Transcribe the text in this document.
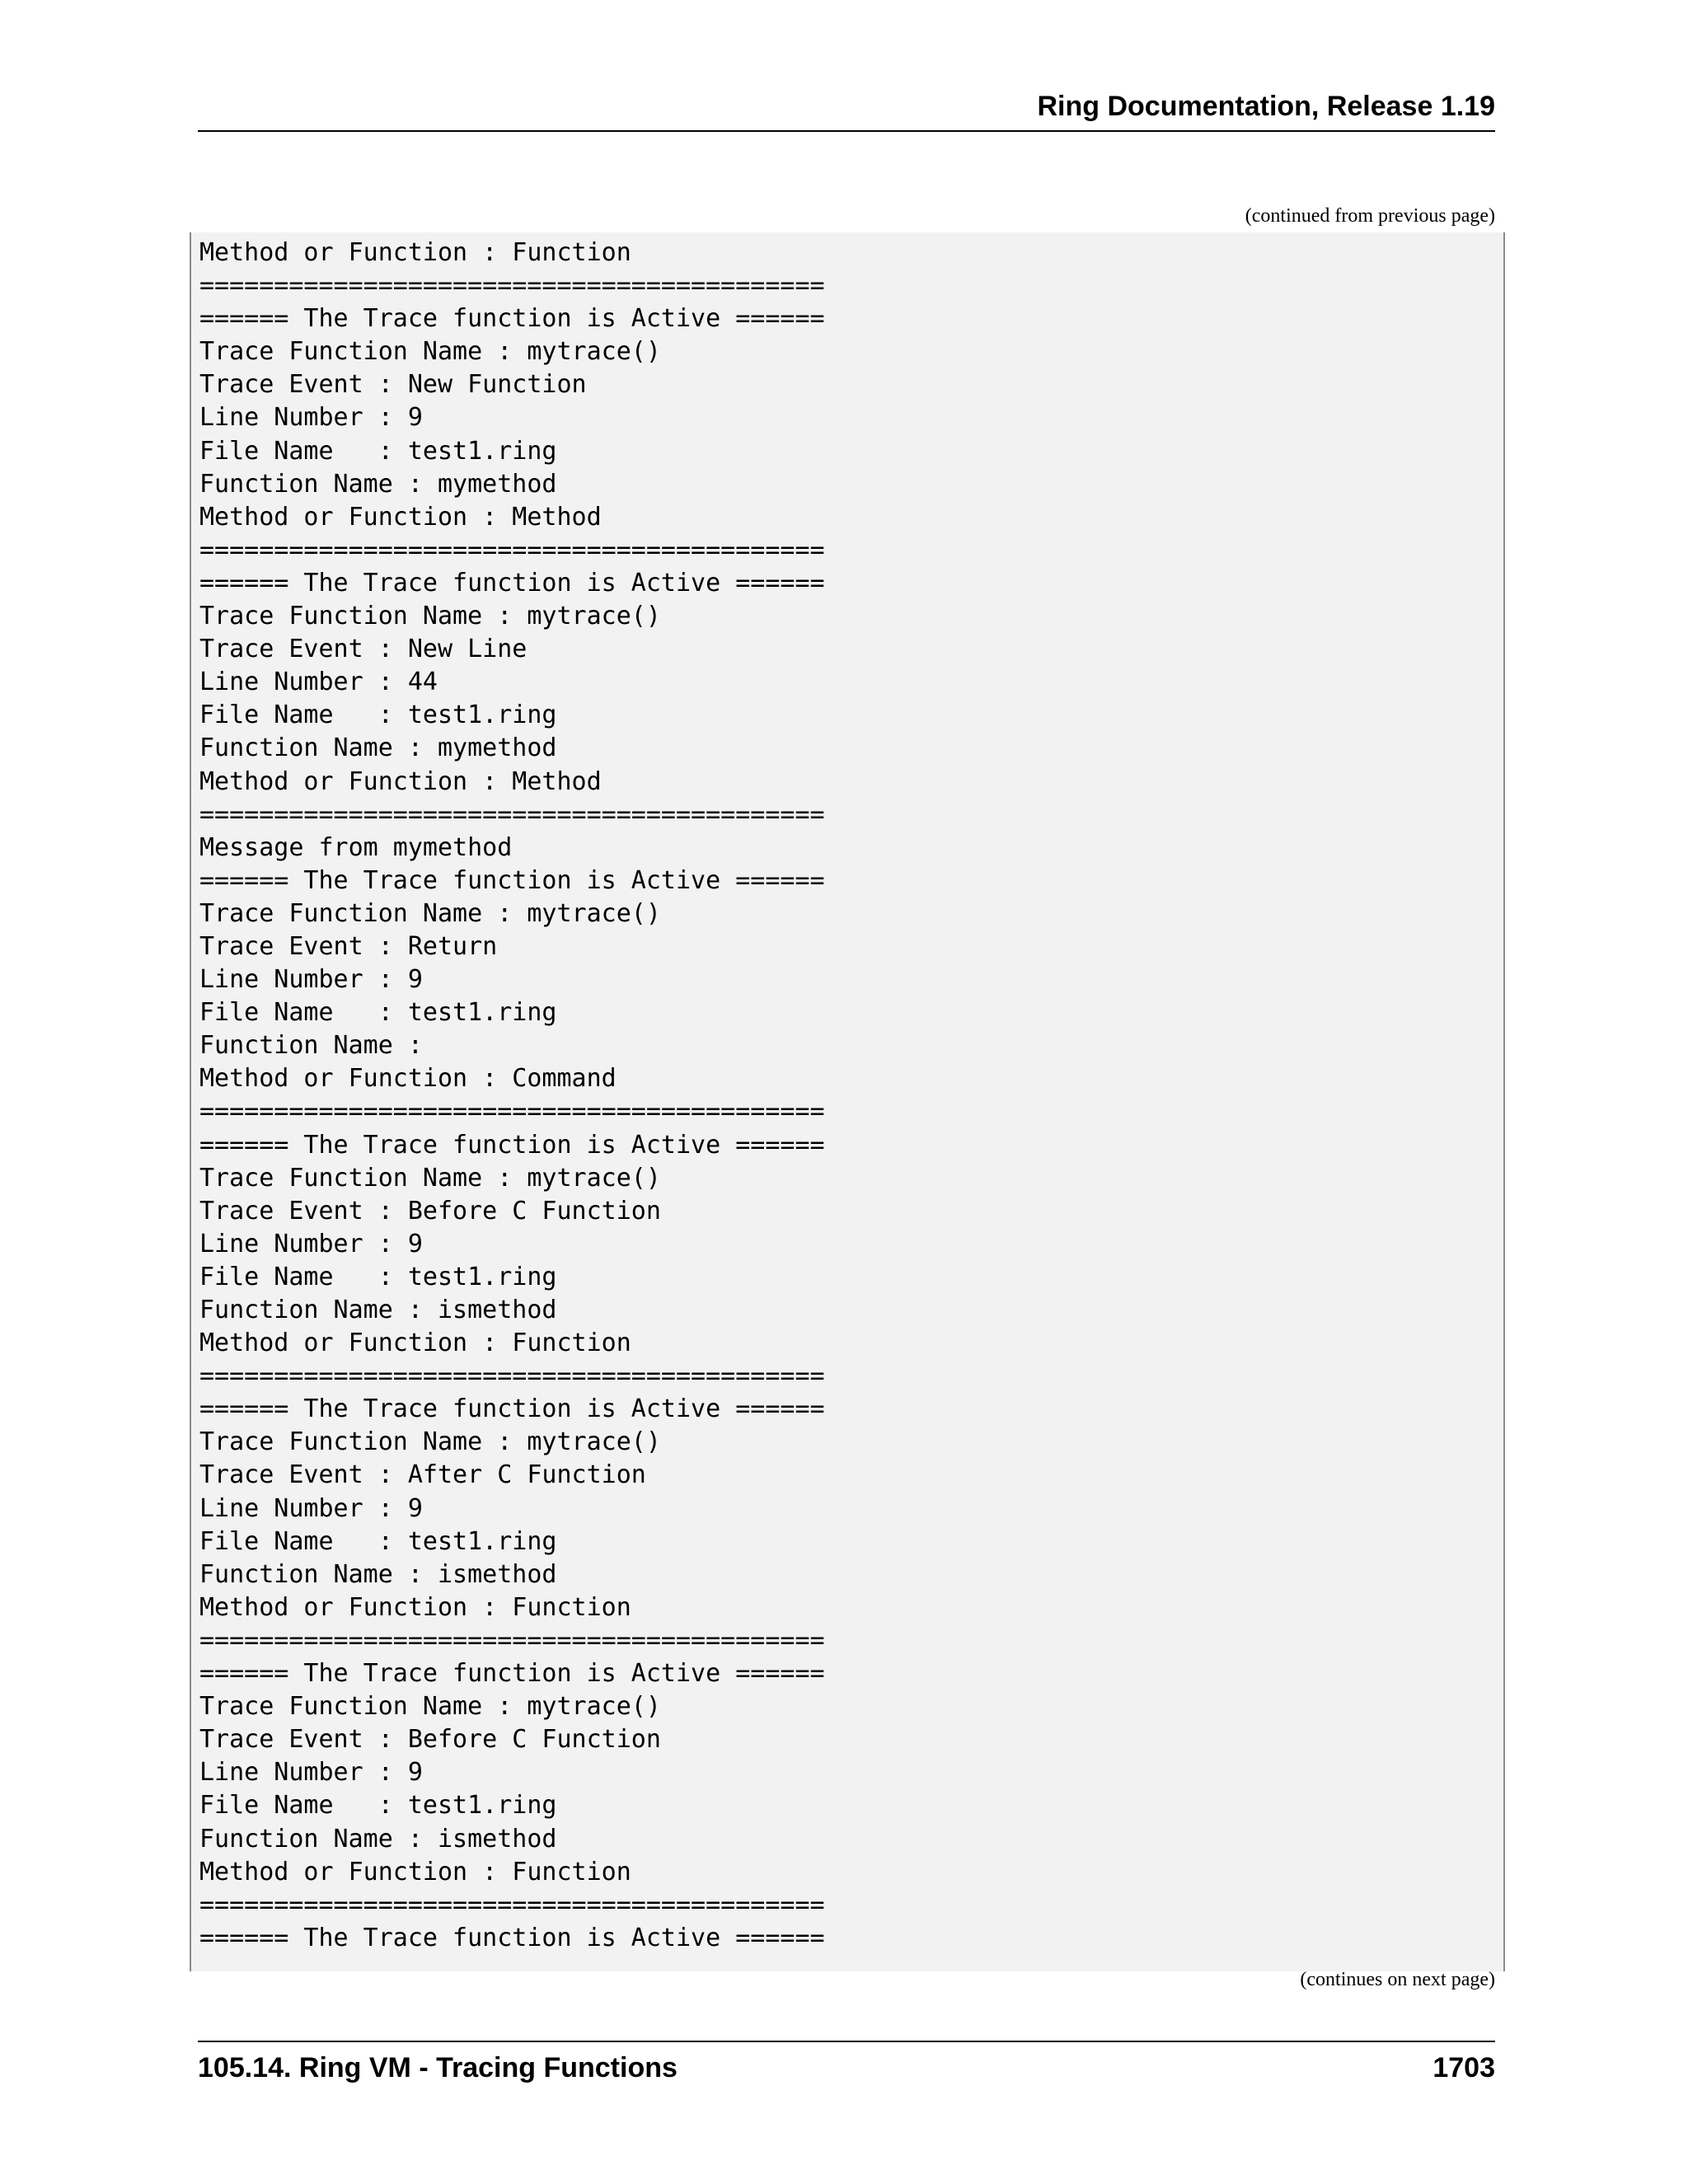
Ring Documentation, Release 1.19
(continued from previous page)
Method or Function : Function
==========================================
====== The Trace function is Active ======
Trace Function Name : mytrace()
Trace Event : New Function
Line Number : 9
File Name   : test1.ring
Function Name : mymethod
Method or Function : Method
==========================================
====== The Trace function is Active ======
Trace Function Name : mytrace()
Trace Event : New Line
Line Number : 44
File Name   : test1.ring
Function Name : mymethod
Method or Function : Method
==========================================
Message from mymethod
====== The Trace function is Active ======
Trace Function Name : mytrace()
Trace Event : Return
Line Number : 9
File Name   : test1.ring
Function Name :
Method or Function : Command
==========================================
====== The Trace function is Active ======
Trace Function Name : mytrace()
Trace Event : Before C Function
Line Number : 9
File Name   : test1.ring
Function Name : ismethod
Method or Function : Function
==========================================
====== The Trace function is Active ======
Trace Function Name : mytrace()
Trace Event : After C Function
Line Number : 9
File Name   : test1.ring
Function Name : ismethod
Method or Function : Function
==========================================
====== The Trace function is Active ======
Trace Function Name : mytrace()
Trace Event : Before C Function
Line Number : 9
File Name   : test1.ring
Function Name : ismethod
Method or Function : Function
==========================================
====== The Trace function is Active ======
(continues on next page)
105.14. Ring VM - Tracing Functions	1703
